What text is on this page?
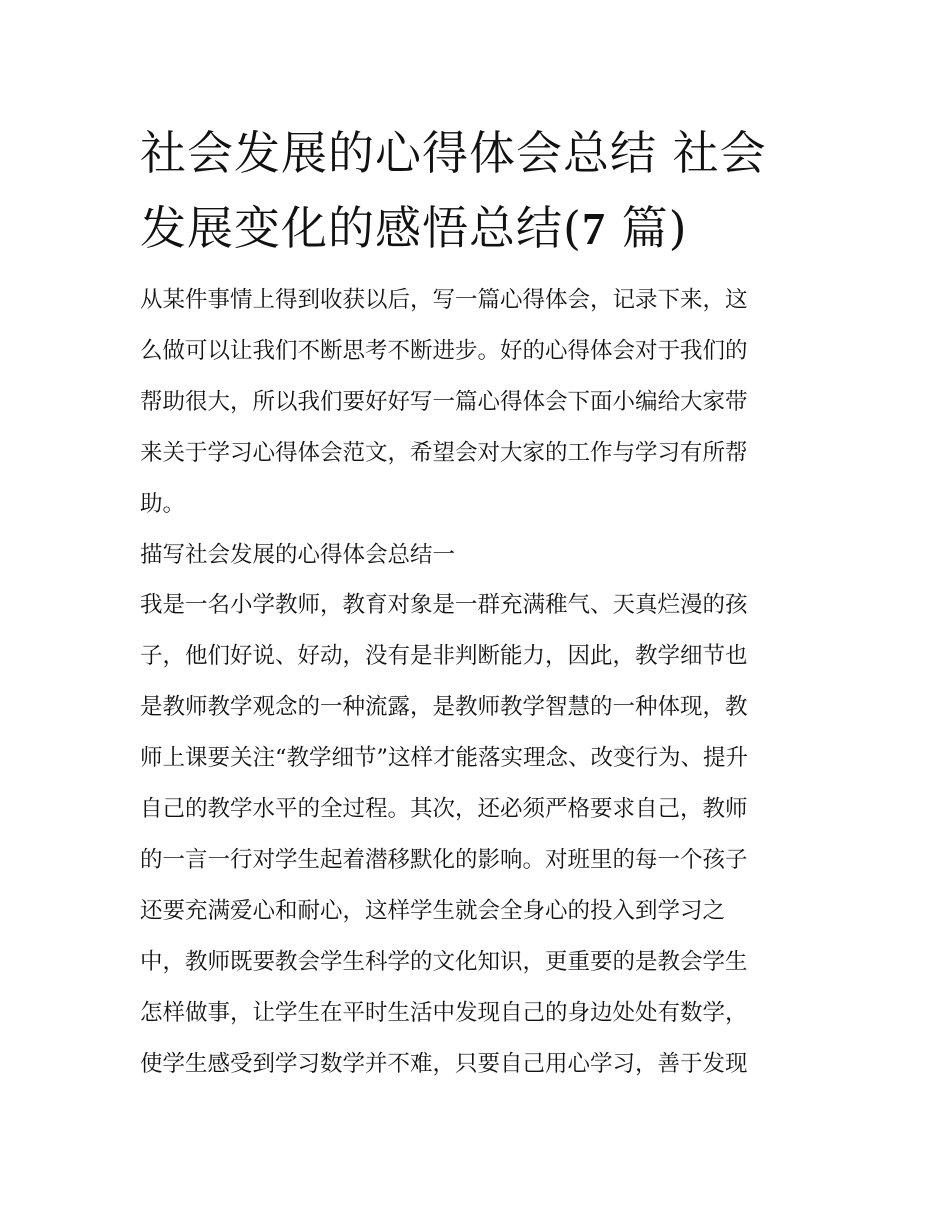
社会发展的心得体会总结 社会
发展变化的感悟总结(7 篇)
从某件事情上得到收获以后，写一篇心得体会，记录下来，这
么做可以让我们不断思考不断进步。好的心得体会对于我们的
帮助很大，所以我们要好好写一篇心得体会下面小编给大家带
来关于学习心得体会范文，希望会对大家的工作与学习有所帮
助。
描写社会发展的心得体会总结一
我是一名小学教师，教育对象是一群充满稚气、天真烂漫的孩
子，他们好说、好动，没有是非判断能力，因此，教学细节也
是教师教学观念的一种流露，是教师教学智慧的一种体现，教
师上课要关注“教学细节”这样才能落实理念、改变行为、提升
自己的教学水平的全过程。其次，还必须严格要求自己，教师
的一言一行对学生起着潜移默化的影响。对班里的每一个孩子
还要充满爱心和耐心，这样学生就会全身心的投入到学习之
中，教师既要教会学生科学的文化知识，更重要的是教会学生
怎样做事，让学生在平时生活中发现自己的身边处处有数学，
使学生感受到学习数学并不难，只要自己用心学习，善于发现
